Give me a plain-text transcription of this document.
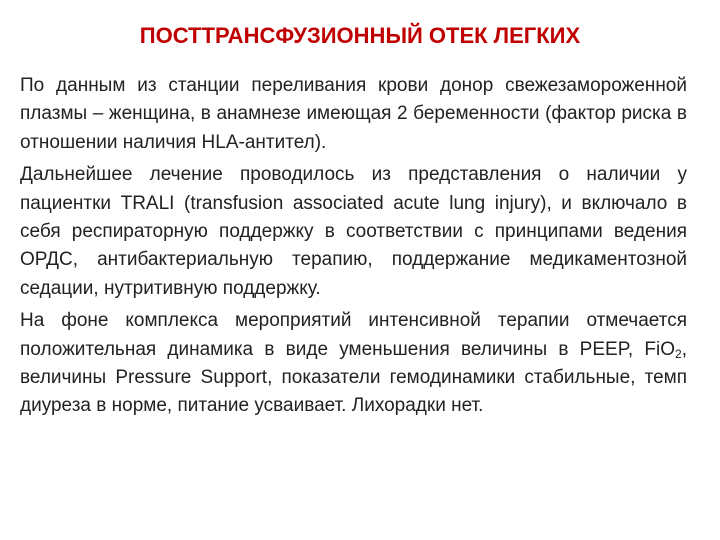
ПОСТТРАНСФУЗИОННЫЙ ОТЕК ЛЕГКИХ

По данным из станции переливания крови донор свежезамороженной плазмы – женщина, в анамнезе имеющая 2 беременности (фактор риска в отношении наличия HLA-антител).

Дальнейшее лечение проводилось из представления о наличии у пациентки TRALI (transfusion associated acute lung injury), и включало в себя респираторную поддержку в соответствии с принципами ведения ОРДС, антибактериальную терапию, поддержание медикаментозной седации, нутритивную поддержку.

На фоне комплекса мероприятий интенсивной терапии отмечается положительная динамика в виде уменьшения величины в PEEP, FiO$_2$, величины Pressure Support, показатели гемодинамики стабильные, темп диуреза в норме, питание усваивает. Лихорадки нет.
